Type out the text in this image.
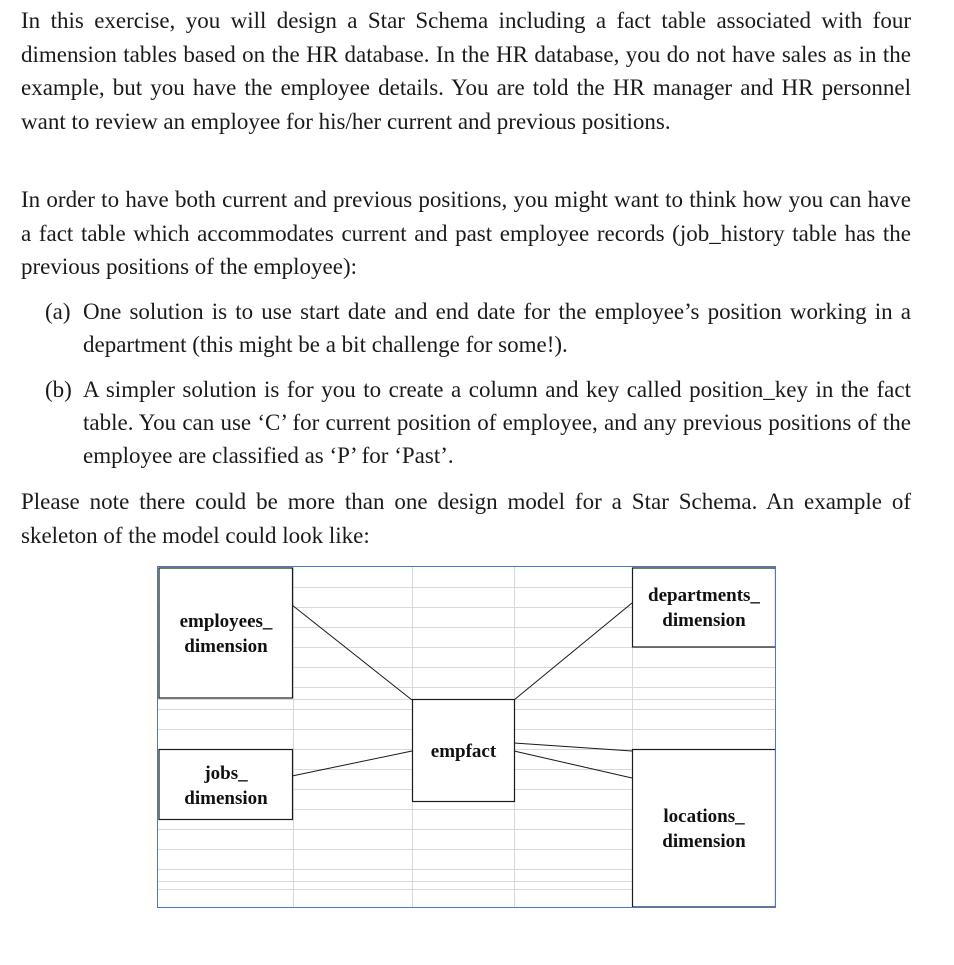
In this exercise, you will design a Star Schema including a fact table associated with four dimension tables based on the HR database. In the HR database, you do not have sales as in the example, but you have the employee details. You are told the HR manager and HR personnel want to review an employee for his/her current and previous positions.

In order to have both current and previous positions, you might want to think how you can have a fact table which accommodates current and past employee records (job_history table has the previous positions of the employee):

(a) One solution is to use start date and end date for the employee’s position working in a department (this might be a bit challenge for some!).
(b) A simpler solution is for you to create a column and key called position_key in the fact table. You can use ‘C’ for current position of employee, and any previous positions of the employee are classified as ‘P’ for ‘Past’.

Please note there could be more than one design model for a Star Schema. An example of skeleton of the model could look like:

employees_
dimension
departments_
dimension
empfact
jobs_
dimension
locations_
dimension
